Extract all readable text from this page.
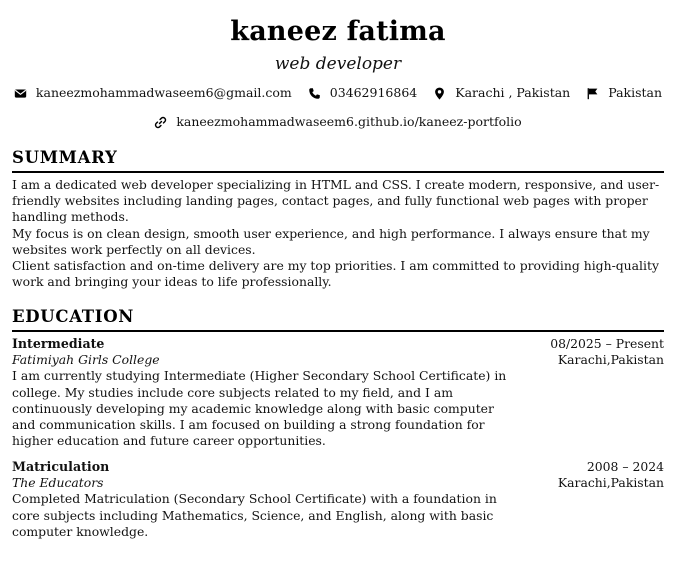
kaneez fatima
web developer
kaneezmohammadwaseem6@gmail.com	03462916864	Karachi , Pakistan	Pakistan
kaneezmohammadwaseem6.github.io/kaneez-portfolio
SUMMARY

I am a dedicated web developer specializing in HTML and CSS. I create modern, responsive, and user-friendly websites including landing pages, contact pages, and fully functional web pages with proper handling methods.

My focus is on clean design, smooth user experience, and high performance. I always ensure that my websites work perfectly on all devices.

Client satisfaction and on-time delivery are my top priorities. I am committed to providing high-quality work and bringing your ideas to life professionally.

EDUCATION
Intermediate
Fatimiyah Girls College

I am currently studying Intermediate (Higher Secondary School Certificate) in college. My studies include core subjects related to my field, and I am continuously developing my academic knowledge along with basic computer and communication skills. I am focused on building a strong foundation for higher education and future career opportunities.

08/2025 – Present
Karachi,Pakistan
Matriculation
The Educators

Completed Matriculation (Secondary School Certificate) with a foundation in core subjects including Mathematics, Science, and English, along with basic computer knowledge.

2008 – 2024
Karachi,Pakistan
